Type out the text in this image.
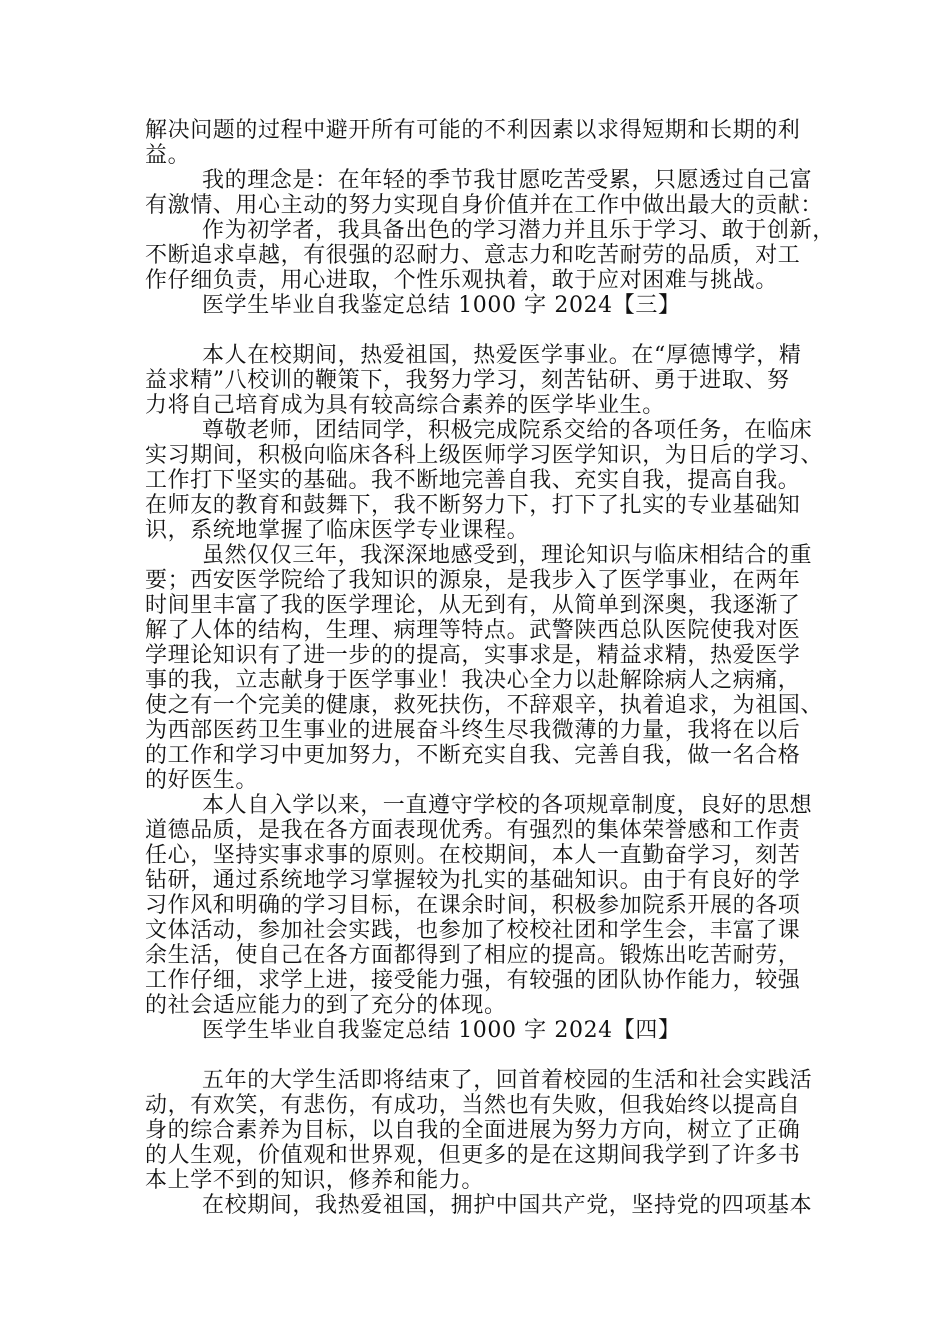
解决问题的过程中避开所有可能的不利因素以求得短期和长期的利
益。
我的理念是：在年轻的季节我甘愿吃苦受累，只愿透过自己富
有激情、用心主动的努力实现自身价值并在工作中做出最大的贡献：
作为初学者，我具备出色的学习潜力并且乐于学习、敢于创新，
不断追求卓越，有很强的忍耐力、意志力和吃苦耐劳的品质，对工
作仔细负责，用心进取，个性乐观执着，敢于应对困难与挑战。
医学生毕业自我鉴定总结 1000 字 2024【三】
本人在校期间，热爱祖国，热爱医学事业。在“厚德博学，精
益求精”八校训的鞭策下，我努力学习，刻苦钻研、勇于进取、努
力将自己培育成为具有较高综合素养的医学毕业生。
尊敬老师，团结同学，积极完成院系交给的各项任务，在临床
实习期间，积极向临床各科上级医师学习医学知识，为日后的学习、
工作打下坚实的基础。我不断地完善自我、充实自我，提高自我。
在师友的教育和鼓舞下，我不断努力下，打下了扎实的专业基础知
识，系统地掌握了临床医学专业课程。
虽然仅仅三年，我深深地感受到，理论知识与临床相结合的重
要；西安医学院给了我知识的源泉，是我步入了医学事业，在两年
时间里丰富了我的医学理论，从无到有，从简单到深奥，我逐渐了
解了人体的结构，生理、病理等特点。武警陕西总队医院使我对医
学理论知识有了进一步的的提高，实事求是，精益求精，热爱医学
事的我，立志献身于医学事业！我决心全力以赴解除病人之病痛，
使之有一个完美的健康，救死扶伤，不辞艰辛，执着追求，为祖国、
为西部医药卫生事业的进展奋斗终生尽我微薄的力量，我将在以后
的工作和学习中更加努力，不断充实自我、完善自我，做一名合格
的好医生。
本人自入学以来，一直遵守学校的各项规章制度，良好的思想
道德品质，是我在各方面表现优秀。有强烈的集体荣誉感和工作责
任心，坚持实事求事的原则。在校期间，本人一直勤奋学习，刻苦
钻研，通过系统地学习掌握较为扎实的基础知识。由于有良好的学
习作风和明确的学习目标，在课余时间，积极参加院系开展的各项
文体活动，参加社会实践，也参加了校校社团和学生会，丰富了课
余生活，使自己在各方面都得到了相应的提高。锻炼出吃苦耐劳，
工作仔细，求学上进，接受能力强，有较强的团队协作能力，较强
的社会适应能力的到了充分的体现。
医学生毕业自我鉴定总结 1000 字 2024【四】
五年的大学生活即将结束了，回首着校园的生活和社会实践活
动，有欢笑，有悲伤，有成功，当然也有失败，但我始终以提高自
身的综合素养为目标，以自我的全面进展为努力方向，树立了正确
的人生观，价值观和世界观，但更多的是在这期间我学到了许多书
本上学不到的知识，修养和能力。
在校期间，我热爱祖国，拥护中国共产党，坚持党的四项基本
